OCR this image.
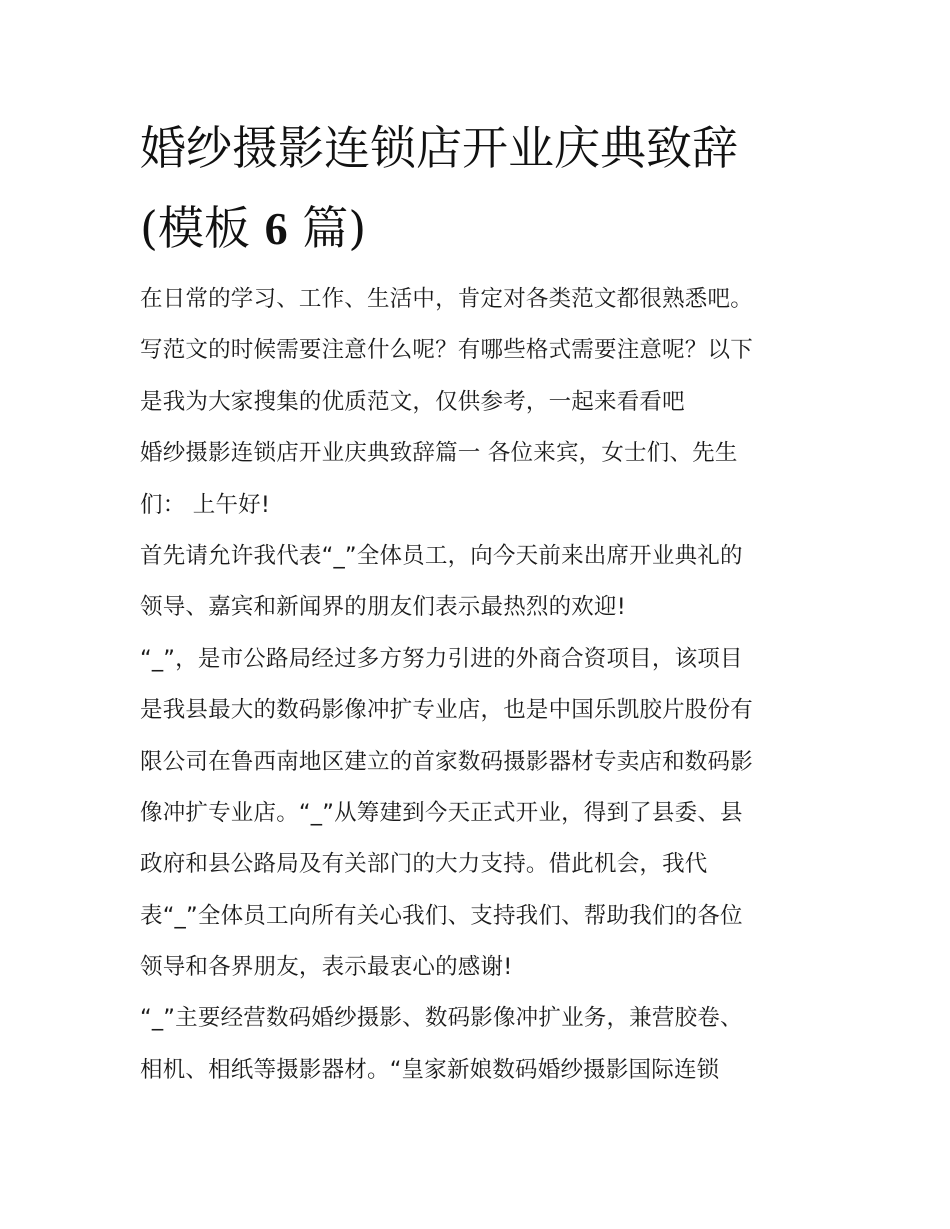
婚纱摄影连锁店开业庆典致辞
(模板 6 篇)
在日常的学习、工作、生活中，肯定对各类范文都很熟悉吧。
写范文的时候需要注意什么呢？有哪些格式需要注意呢？以下
是我为大家搜集的优质范文，仅供参考，一起来看看吧
婚纱摄影连锁店开业庆典致辞篇一 各位来宾，女士们、先生
们： 上午好!
首先请允许我代表“_”全体员工，向今天前来出席开业典礼的
领导、嘉宾和新闻界的朋友们表示最热烈的欢迎!
“_”，是市公路局经过多方努力引进的外商合资项目，该项目
是我县最大的数码影像冲扩专业店，也是中国乐凯胶片股份有
限公司在鲁西南地区建立的首家数码摄影器材专卖店和数码影
像冲扩专业店。“_”从筹建到今天正式开业，得到了县委、县
政府和县公路局及有关部门的大力支持。借此机会，我代
表“_”全体员工向所有关心我们、支持我们、帮助我们的各位
领导和各界朋友，表示最衷心的感谢!
“_”主要经营数码婚纱摄影、数码影像冲扩业务，兼营胶卷、
相机、相纸等摄影器材。“皇家新娘数码婚纱摄影国际连锁
